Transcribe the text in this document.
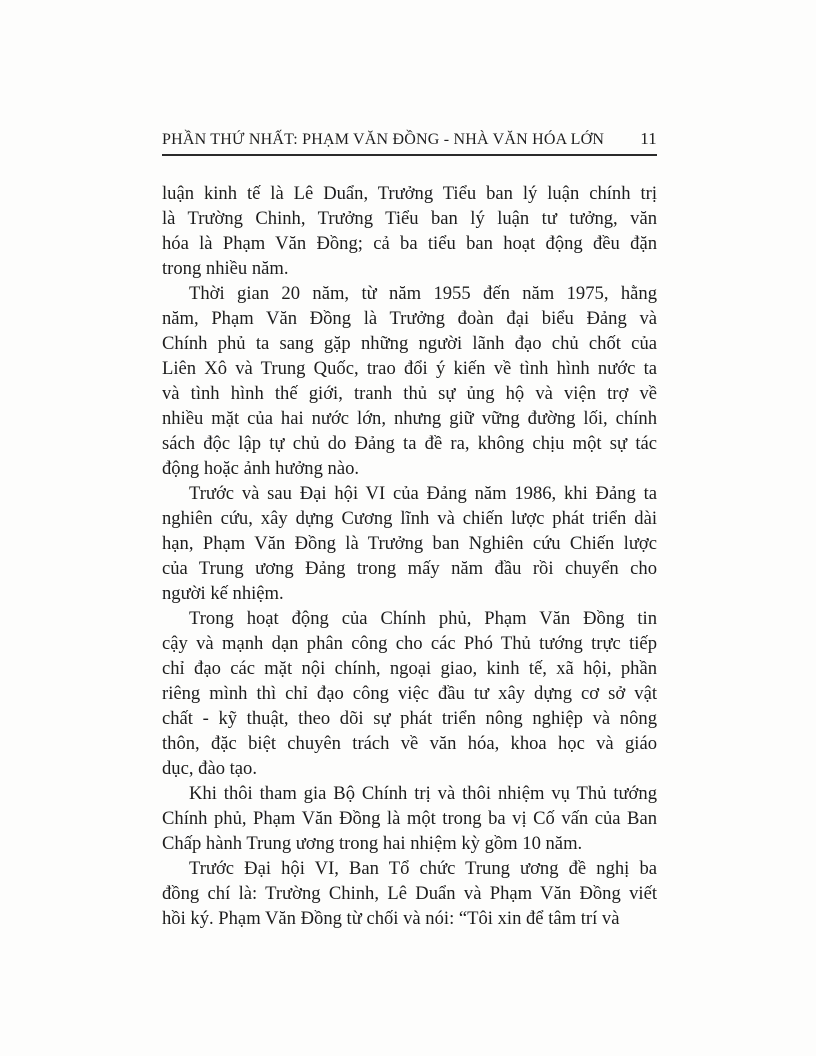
PHẦN THỨ NHẤT: PHẠM VĂN ĐỒNG - NHÀ VĂN HÓA LỚN	11
luận kinh tế là Lê Duẩn, Trưởng Tiểu ban lý luận chính trị
là Trường Chinh, Trưởng Tiểu ban lý luận tư tưởng, văn
hóa là Phạm Văn Đồng; cả ba tiểu ban hoạt động đều đặn
trong nhiều năm.
Thời gian 20 năm, từ năm 1955 đến năm 1975, hằng
năm, Phạm Văn Đồng là Trưởng đoàn đại biểu Đảng và
Chính phủ ta sang gặp những người lãnh đạo chủ chốt của
Liên Xô và Trung Quốc, trao đổi ý kiến về tình hình nước ta
và tình hình thế giới, tranh thủ sự ủng hộ và viện trợ về
nhiều mặt của hai nước lớn, nhưng giữ vững đường lối, chính
sách độc lập tự chủ do Đảng ta đề ra, không chịu một sự tác
động hoặc ảnh hưởng nào.
Trước và sau Đại hội VI của Đảng năm 1986, khi Đảng ta
nghiên cứu, xây dựng Cương lĩnh và chiến lược phát triển dài
hạn, Phạm Văn Đồng là Trưởng ban Nghiên cứu Chiến lược
của Trung ương Đảng trong mấy năm đầu rồi chuyển cho
người kế nhiệm.
Trong hoạt động của Chính phủ, Phạm Văn Đồng tin
cậy và mạnh dạn phân công cho các Phó Thủ tướng trực tiếp
chỉ đạo các mặt nội chính, ngoại giao, kinh tế, xã hội, phần
riêng mình thì chỉ đạo công việc đầu tư xây dựng cơ sở vật
chất - kỹ thuật, theo dõi sự phát triển nông nghiệp và nông
thôn, đặc biệt chuyên trách về văn hóa, khoa học và giáo
dục, đào tạo.
Khi thôi tham gia Bộ Chính trị và thôi nhiệm vụ Thủ tướng
Chính phủ, Phạm Văn Đồng là một trong ba vị Cố vấn của Ban
Chấp hành Trung ương trong hai nhiệm kỳ gồm 10 năm.
Trước Đại hội VI, Ban Tổ chức Trung ương đề nghị ba
đồng chí là: Trường Chinh, Lê Duẩn và Phạm Văn Đồng viết
hồi ký. Phạm Văn Đồng từ chối và nói: “Tôi xin để tâm trí và
